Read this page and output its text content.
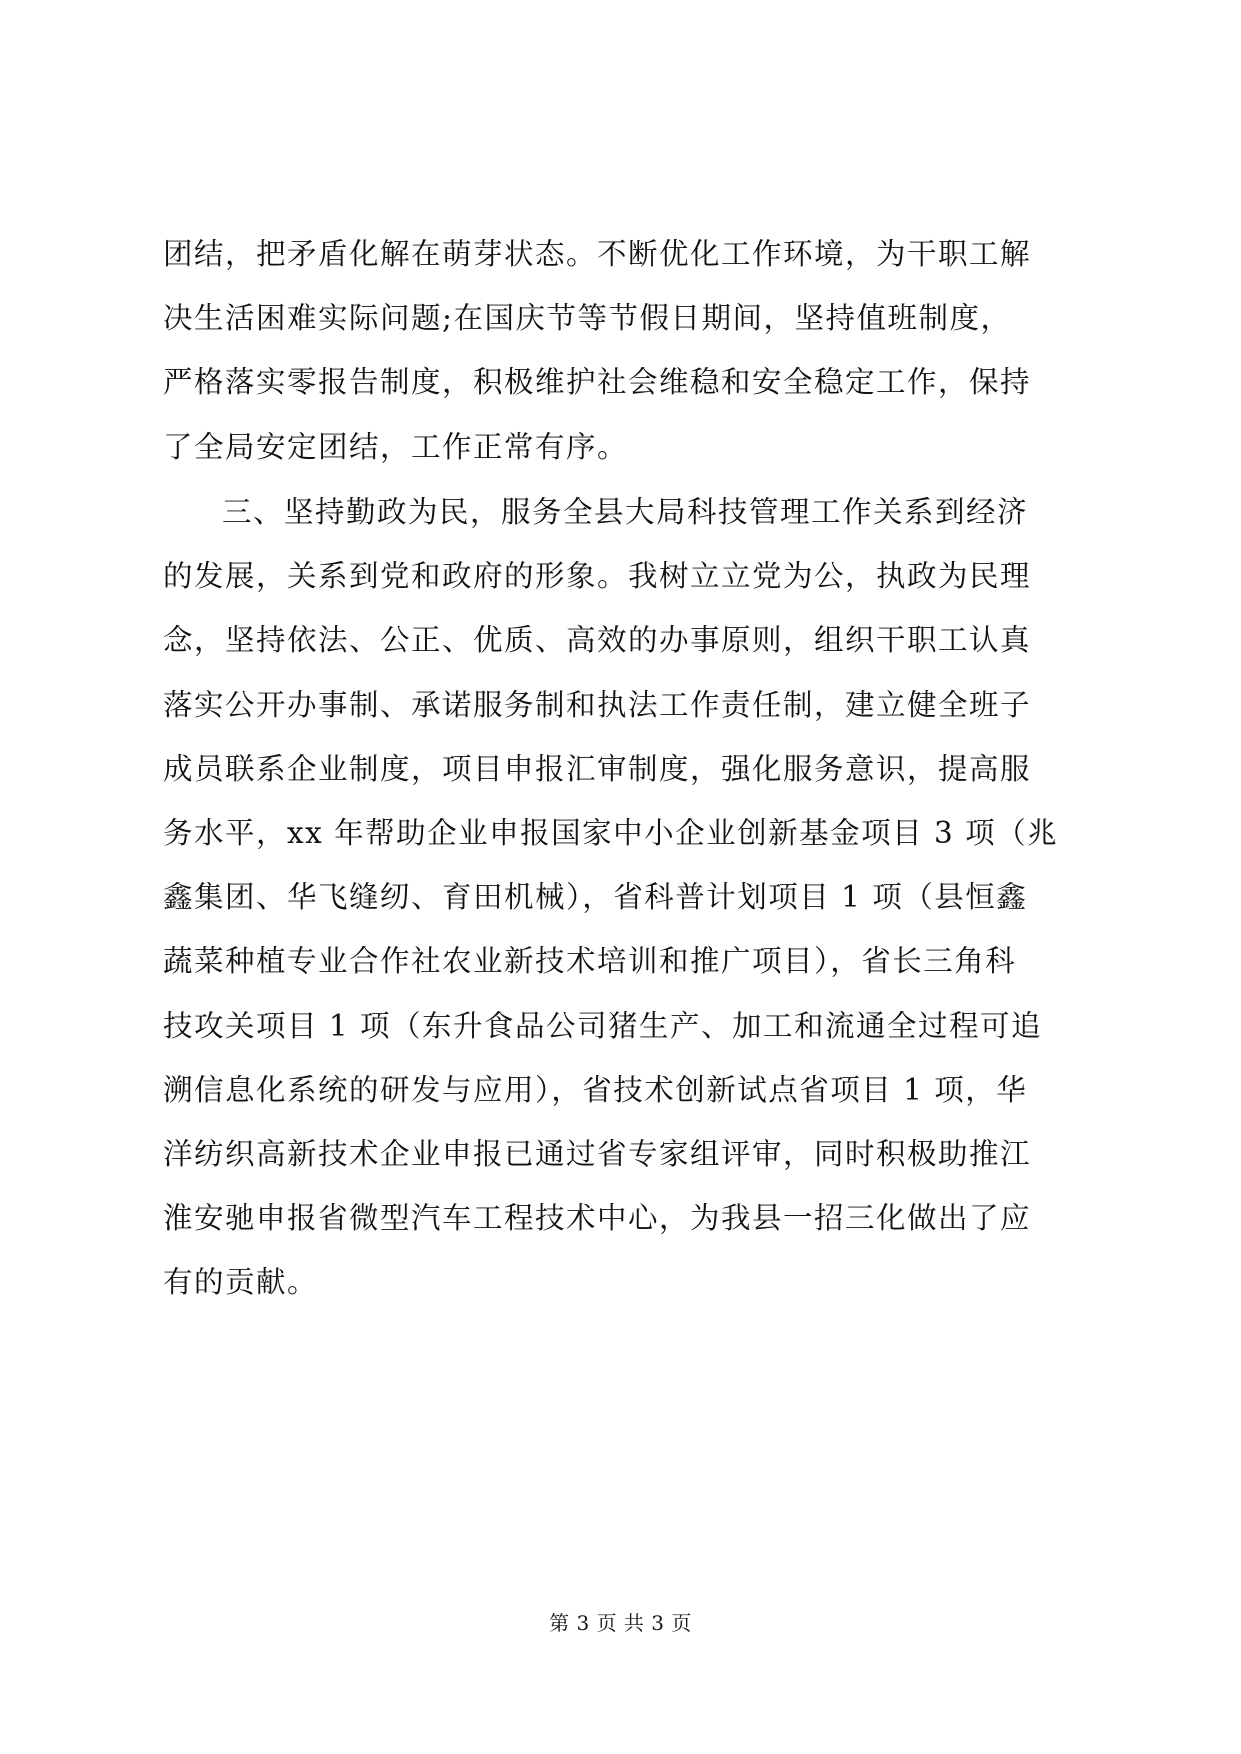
团结，把矛盾化解在萌芽状态。不断优化工作环境，为干职工解
决生活困难实际问题;在国庆节等节假日期间，坚持值班制度，
严格落实零报告制度，积极维护社会维稳和安全稳定工作，保持
了全局安定团结，工作正常有序。
三、坚持勤政为民，服务全县大局科技管理工作关系到经济
的发展，关系到党和政府的形象。我树立立党为公，执政为民理
念，坚持依法、公正、优质、高效的办事原则，组织干职工认真
落实公开办事制、承诺服务制和执法工作责任制，建立健全班子
成员联系企业制度，项目申报汇审制度，强化服务意识，提高服
务水平，xx 年帮助企业申报国家中小企业创新基金项目 3 项（兆
鑫集团、华飞缝纫、育田机械），省科普计划项目 1 项（县恒鑫
蔬菜种植专业合作社农业新技术培训和推广项目），省长三角科
技攻关项目 1 项（东升食品公司猪生产、加工和流通全过程可追
溯信息化系统的研发与应用），省技术创新试点省项目 1 项，华
洋纺织高新技术企业申报已通过省专家组评审，同时积极助推江
淮安驰申报省微型汽车工程技术中心，为我县一招三化做出了应
有的贡献。
第 3 页 共 3 页
